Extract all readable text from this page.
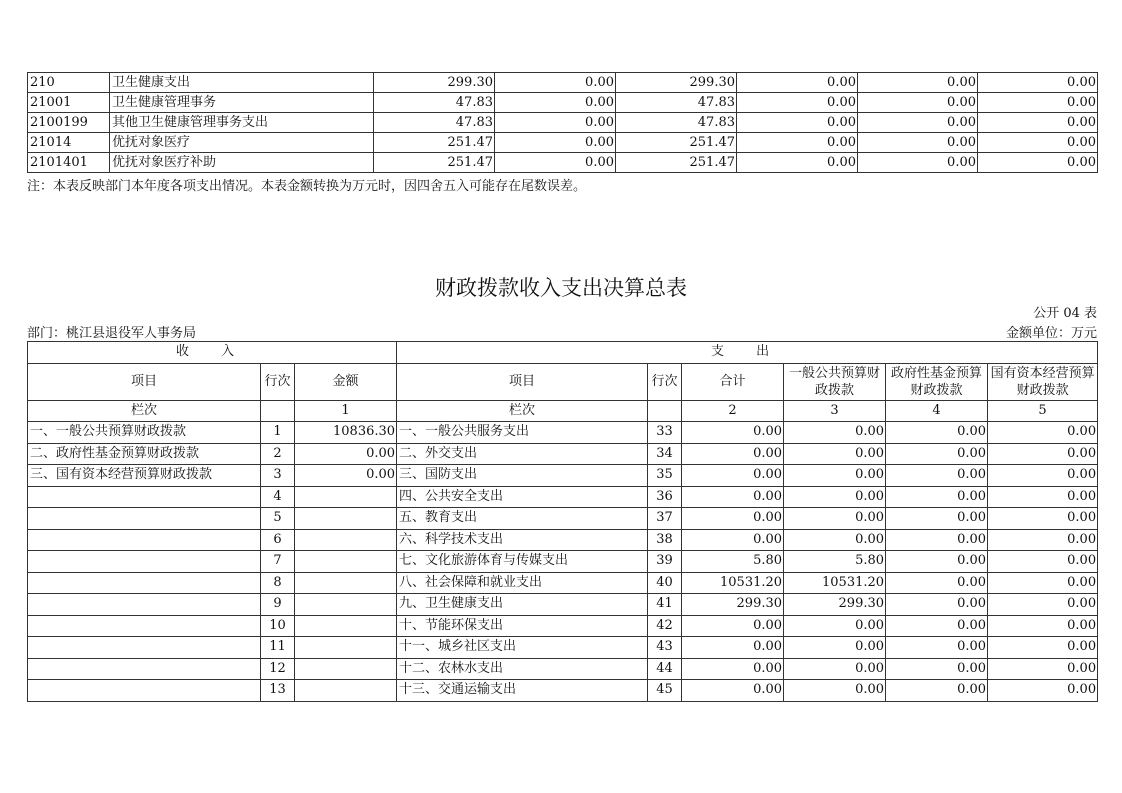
210	卫生健康支出	299.30	0.00	299.30	0.00	0.00	0.00
21001	卫生健康管理事务	47.83	0.00	47.83	0.00	0.00	0.00
2100199	其他卫生健康管理事务支出	47.83	0.00	47.83	0.00	0.00	0.00
21014	优抚对象医疗	251.47	0.00	251.47	0.00	0.00	0.00
2101401	优抚对象医疗补助	251.47	0.00	251.47	0.00	0.00	0.00
注：本表反映部门本年度各项支出情况。本表金额转换为万元时，因四舍五入可能存在尾数误差。
财政拨款收入支出决算总表
公开 04 表
部门：桃江县退役军人事务局	金额单位：万元
收 入			支 出					
项目	行次	金额	项目	行次	合计	一般公共预算财政拨款	政府性基金预算财政拨款	国有资本经营预算财政拨款
栏次		1	栏次		2	3	4	5
一、一般公共预算财政拨款	1	10836.30	一、一般公共服务支出	33	0.00	0.00	0.00	0.00
二、政府性基金预算财政拨款	2	0.00	二、外交支出	34	0.00	0.00	0.00	0.00
三、国有资本经营预算财政拨款	3	0.00	三、国防支出	35	0.00	0.00	0.00	0.00
	4		四、公共安全支出	36	0.00	0.00	0.00	0.00
	5		五、教育支出	37	0.00	0.00	0.00	0.00
	6		六、科学技术支出	38	0.00	0.00	0.00	0.00
	7		七、文化旅游体育与传媒支出	39	5.80	5.80	0.00	0.00
	8		八、社会保障和就业支出	40	10531.20	10531.20	0.00	0.00
	9		九、卫生健康支出	41	299.30	299.30	0.00	0.00
	10		十、节能环保支出	42	0.00	0.00	0.00	0.00
	11		十一、城乡社区支出	43	0.00	0.00	0.00	0.00
	12		十二、农林水支出	44	0.00	0.00	0.00	0.00
	13		十三、交通运输支出	45	0.00	0.00	0.00	0.00
